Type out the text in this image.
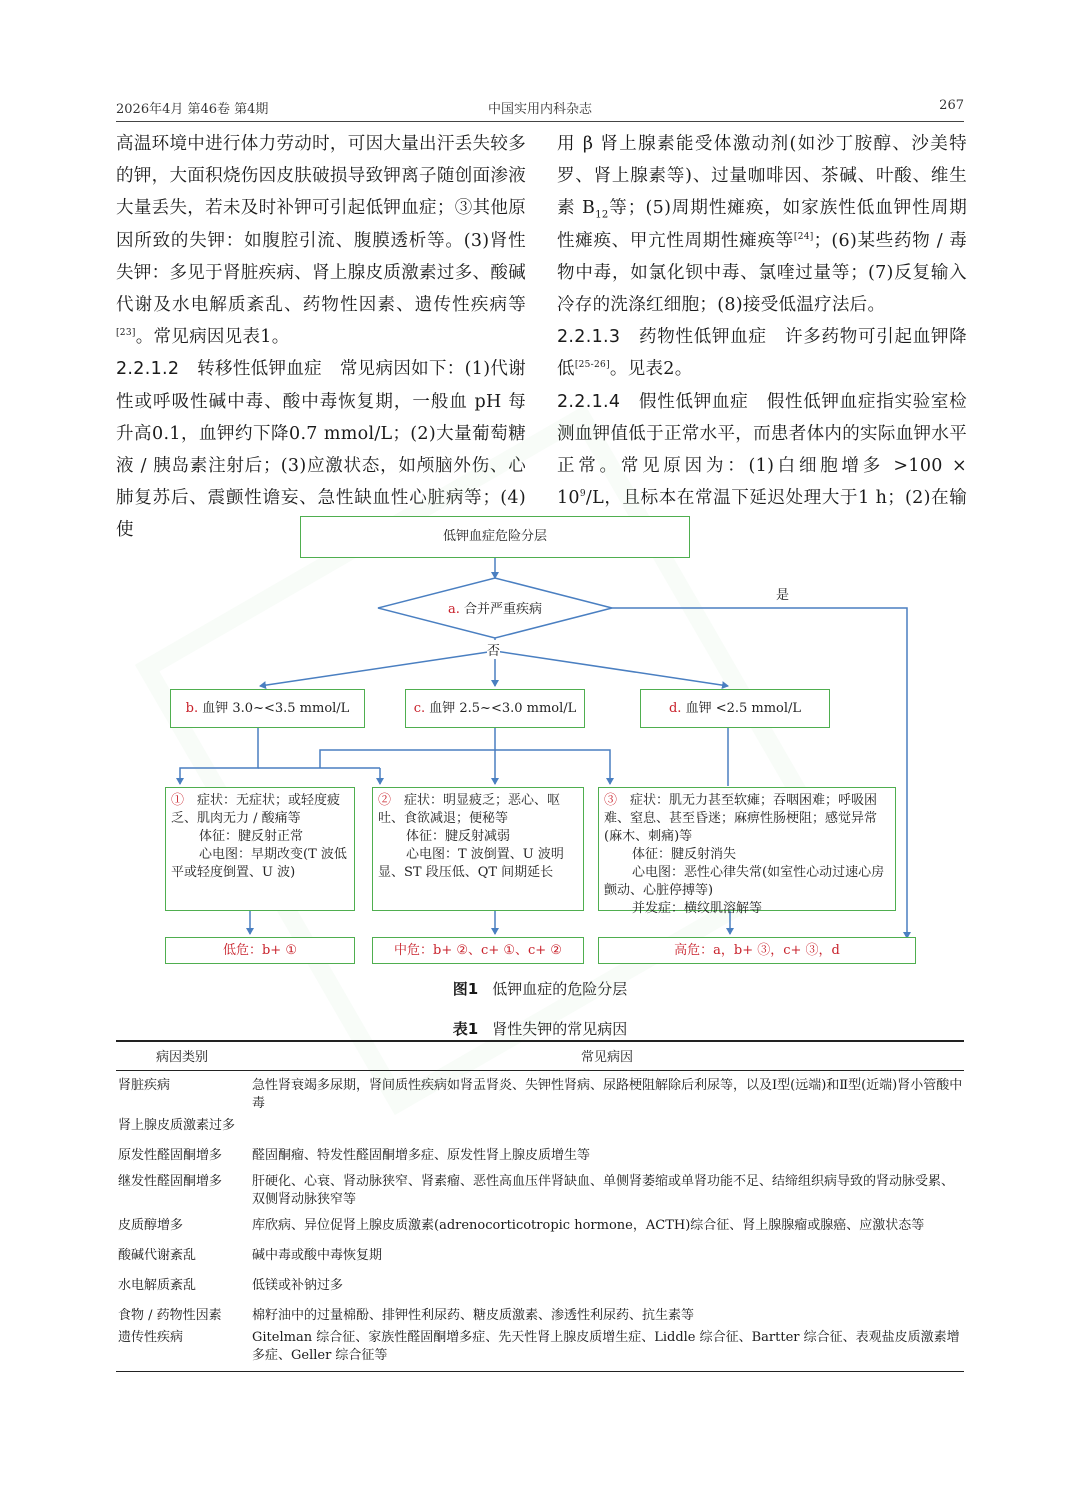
2026年4月 第46卷 第4期	中国实用内科杂志	267

高温环境中进行体力劳动时，可因大量出汗丢失较多的钾，大面积烧伤因皮肤破损导致钾离子随创面渗液大量丢失，若未及时补钾可引起低钾血症；③其他原因所致的失钾：如腹腔引流、腹膜透析等。(3)肾性失钾：多见于肾脏疾病、肾上腺皮质激素过多、酸碱代谢及水电解质紊乱、药物性因素、遗传性疾病等[23]。常见病因见表1。

2.2.1.2　转移性低钾血症　常见病因如下：(1)代谢性或呼吸性碱中毒、酸中毒恢复期，一般血 pH 每升高0.1，血钾约下降0.7 mmol/L；(2)大量葡萄糖液 / 胰岛素注射后；(3)应激状态，如颅脑外伤、心肺复苏后、震颤性谵妄、急性缺血性心脏病等；(4)使

用 β 肾上腺素能受体激动剂(如沙丁胺醇、沙美特罗、肾上腺素等)、过量咖啡因、茶碱、叶酸、维生素 $B_{12}$等；(5)周期性瘫痪，如家族性低血钾性周期性瘫痪、甲亢性周期性瘫痪等[24]；(6)某些药物 / 毒物中毒，如氯化钡中毒、氯喹过量等；(7)反复输入冷存的洗涤红细胞；(8)接受低温疗法后。

2.2.1.3　药物性低钾血症　许多药物可引起血钾降低[25-26]。见表2。

2.2.1.4　假性低钾血症　假性低钾血症指实验室检测血钾值低于正常水平，而患者体内的实际血钾水平正常。常见原因为：(1)白细胞增多 $>100 \times 10^9/L$，且标本在常温下延迟处理大于1 h；(2)在输

低钾血症危险分层
a. 合并严重疾病
是
否
b.
血钾 3.0~<3.5 mmol/L	c.
血钾 2.5~<3.0 mmol/L	d.
血钾 <2.5 mmol/L
①　症状：无症状；或轻度疲乏、肌肉无力 / 酸痛等
体征：腱反射正常
心电图：早期改变(T 波低平或轻度倒置、U 波)
②　症状：明显疲乏；恶心、呕吐、食欲减退；便秘等
体征：腱反射减弱
心电图：T 波倒置、U 波明显、ST 段压低、QT 间期延长
③　症状：肌无力甚至软瘫；吞咽困难；呼吸困难、窒息、甚至昏迷；麻痹性肠梗阻；感觉异常(麻木、刺痛)等
体征：腱反射消失
心电图：恶性心律失常(如室性心动过速心房颤动、心脏停搏等)
并发症：横纹肌溶解等
低危：b+ ①	中危：b+ ②、c+ ①、c+ ②	高危：a，b+ ③，c+ ③，d
图1 低钾血症的危险分层
表1 肾性失钾的常见病因
病因类别	常见病因
肾脏疾病	急性肾衰竭多尿期，肾间质性疾病如肾盂肾炎、失钾性肾病、尿路梗阻解除后利尿等，以及Ⅰ型(远端)和Ⅱ型(近端)肾小管酸中毒
肾上腺皮质激素过多
原发性醛固酮增多	醛固酮瘤、特发性醛固酮增多症、原发性肾上腺皮质增生等
继发性醛固酮增多	肝硬化、心衰、肾动脉狭窄、肾素瘤、恶性高血压伴肾缺血、单侧肾萎缩或单肾功能不足、结缔组织病导致的肾动脉受累、双侧肾动脉狭窄等
皮质醇增多	库欣病、异位促肾上腺皮质激素(adrenocorticotropic hormone，ACTH)综合征、肾上腺腺瘤或腺癌、应激状态等
酸碱代谢紊乱	碱中毒或酸中毒恢复期
水电解质紊乱	低镁或补钠过多
食物 / 药物性因素	棉籽油中的过量棉酚、排钾性利尿药、糖皮质激素、渗透性利尿药、抗生素等
遗传性疾病	Gitelman 综合征、家族性醛固酮增多症、先天性肾上腺皮质增生症、Liddle 综合征、Bartter 综合征、表观盐皮质激素增多症、Geller 综合征等
